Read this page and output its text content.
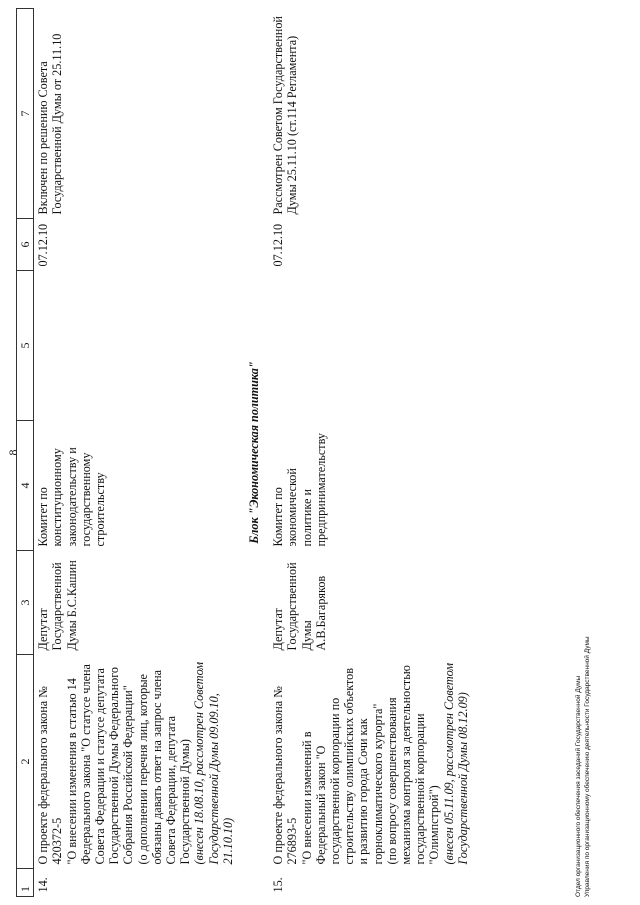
8
1	2	3	4	5	6	7
14.	О проекте федерального закона № 420372-5 "О внесении изменения в статью 14 Федерального закона "О статусе члена Совета Федерации и статусе депутата Государственной Думы Федерального Собрания Российской Федерации" (о дополнении перечня лиц, которые обязаны давать ответ на запрос члена Совета Федерации, депутата Государственной Думы) (внесен 18.08.10, рассмотрен Советом Государственной Думы 09.09.10, 21.10.10)	Депутат Государственной Думы Б.С.Кашин	Комитет по конституционному законодательству и государственному строительству		07.12.10	Включен по решению Совета Государственной Думы от 25.11.10
Блок "Экономическая политика"						
15.	О проекте федерального закона № 276893-5 "О внесении изменений в Федеральный закон "О государственной корпорации по строительству олимпийских объектов и развитию города Сочи как горноклиматического курорта" (по вопросу совершенствования механизма контроля за деятельностью государственной корпорации "Олимпстрой") (внесен 05.11.09, рассмотрен Советом Государственной Думы 08.12.09)	Депутат Государственной Думы А.В.Багаряков	Комитет по экономической политике и предпринимательству		07.12.10	Рассмотрен Советом Государственной Думы 25.11.10 (ст.114 Регламента)
Отдел организационного обеспечения заседаний Государственной Думы Управления по организационному обеспечению деятельности Государственной Думы
